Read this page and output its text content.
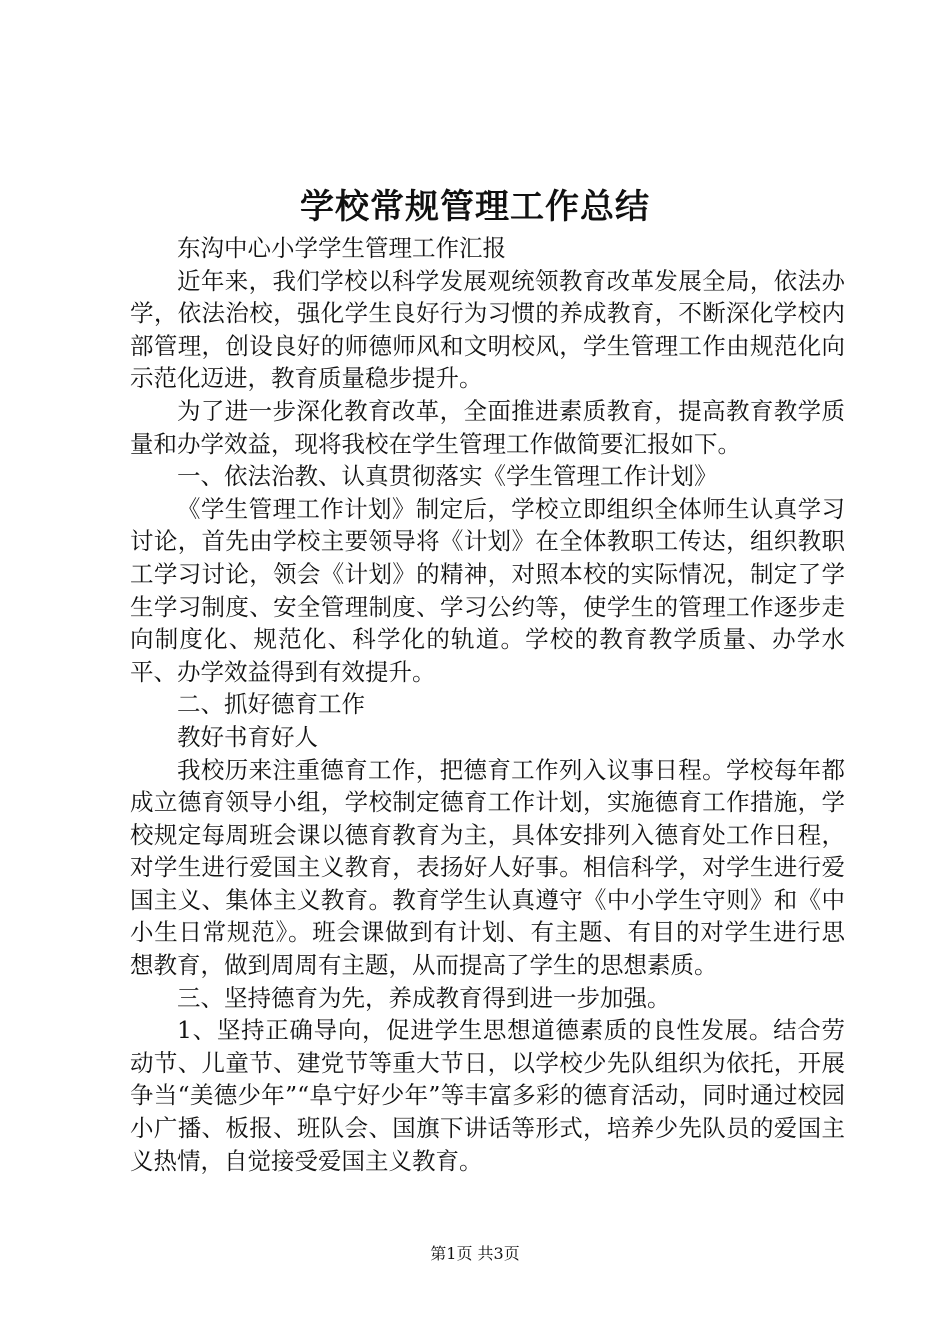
学校常规管理工作总结

东沟中心小学学生管理工作汇报

近年来，我们学校以科学发展观统领教育改革发展全局，依法办学，依法治校，强化学生良好行为习惯的养成教育，不断深化学校内部管理，创设良好的师德师风和文明校风，学生管理工作由规范化向示范化迈进，教育质量稳步提升。

为了进一步深化教育改革，全面推进素质教育，提高教育教学质量和办学效益，现将我校在学生管理工作做简要汇报如下。

一、依法治教、认真贯彻落实《学生管理工作计划》

《学生管理工作计划》制定后，学校立即组织全体师生认真学习讨论，首先由学校主要领导将《计划》在全体教职工传达，组织教职工学习讨论，领会《计划》的精神，对照本校的实际情况，制定了学生学习制度、安全管理制度、学习公约等，使学生的管理工作逐步走向制度化、规范化、科学化的轨道。学校的教育教学质量、办学水平、办学效益得到有效提升。

二、抓好德育工作

教好书育好人

我校历来注重德育工作，把德育工作列入议事日程。学校每年都成立德育领导小组，学校制定德育工作计划，实施德育工作措施，学校规定每周班会课以德育教育为主，具体安排列入德育处工作日程，对学生进行爱国主义教育，表扬好人好事。相信科学，对学生进行爱国主义、集体主义教育。教育学生认真遵守《中小学生守则》和《中小生日常规范》。班会课做到有计划、有主题、有目的对学生进行思想教育，做到周周有主题，从而提高了学生的思想素质。

三、坚持德育为先，养成教育得到进一步加强。

1、坚持正确导向，促进学生思想道德素质的良性发展。结合劳动节、儿童节、建党节等重大节日，以学校少先队组织为依托，开展争当“美德少年”“阜宁好少年”等丰富多彩的德育活动，同时通过校园小广播、板报、班队会、国旗下讲话等形式，培养少先队员的爱国主义热情，自觉接受爱国主义教育。

第1页 共3页
